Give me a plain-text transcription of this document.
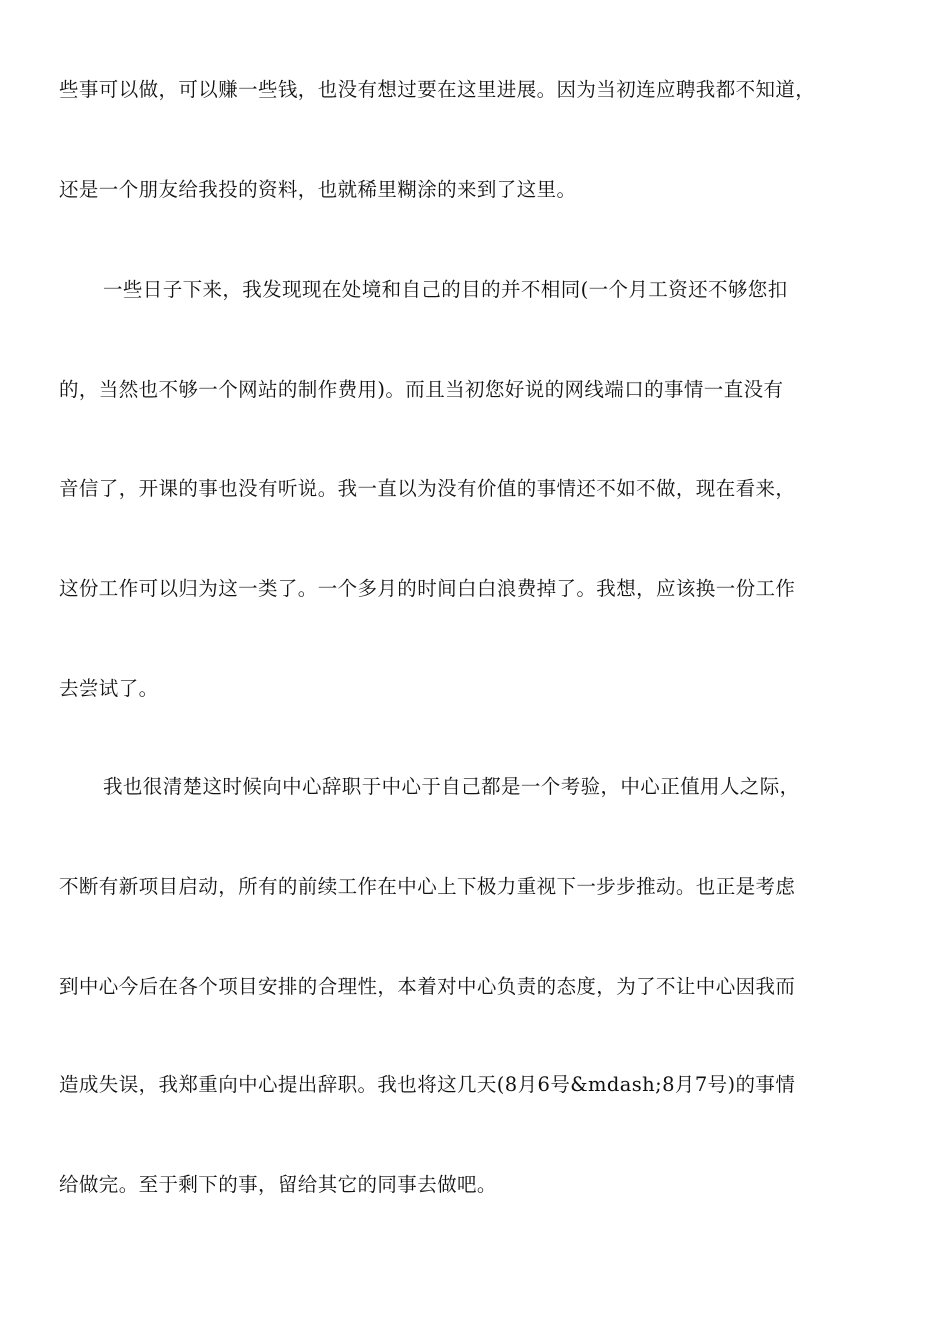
些事可以做，可以赚一些钱，也没有想过要在这里进展。因为当初连应聘我都不知道，
还是一个朋友给我投的资料，也就稀里糊涂的来到了这里。
一些日子下来，我发现现在处境和自己的目的并不相同(一个月工资还不够您扣
的，当然也不够一个网站的制作费用)。而且当初您好说的网线端口的事情一直没有
音信了，开课的事也没有听说。我一直以为没有价值的事情还不如不做，现在看来，
这份工作可以归为这一类了。一个多月的时间白白浪费掉了。我想，应该换一份工作
去尝试了。
我也很清楚这时候向中心辞职于中心于自己都是一个考验，中心正值用人之际，
不断有新项目启动，所有的前续工作在中心上下极力重视下一步步推动。也正是考虑
到中心今后在各个项目安排的合理性，本着对中心负责的态度，为了不让中心因我而
造成失误，我郑重向中心提出辞职。我也将这几天(8月6号&mdash;8月7号)的事情
给做完。至于剩下的事，留给其它的同事去做吧。
